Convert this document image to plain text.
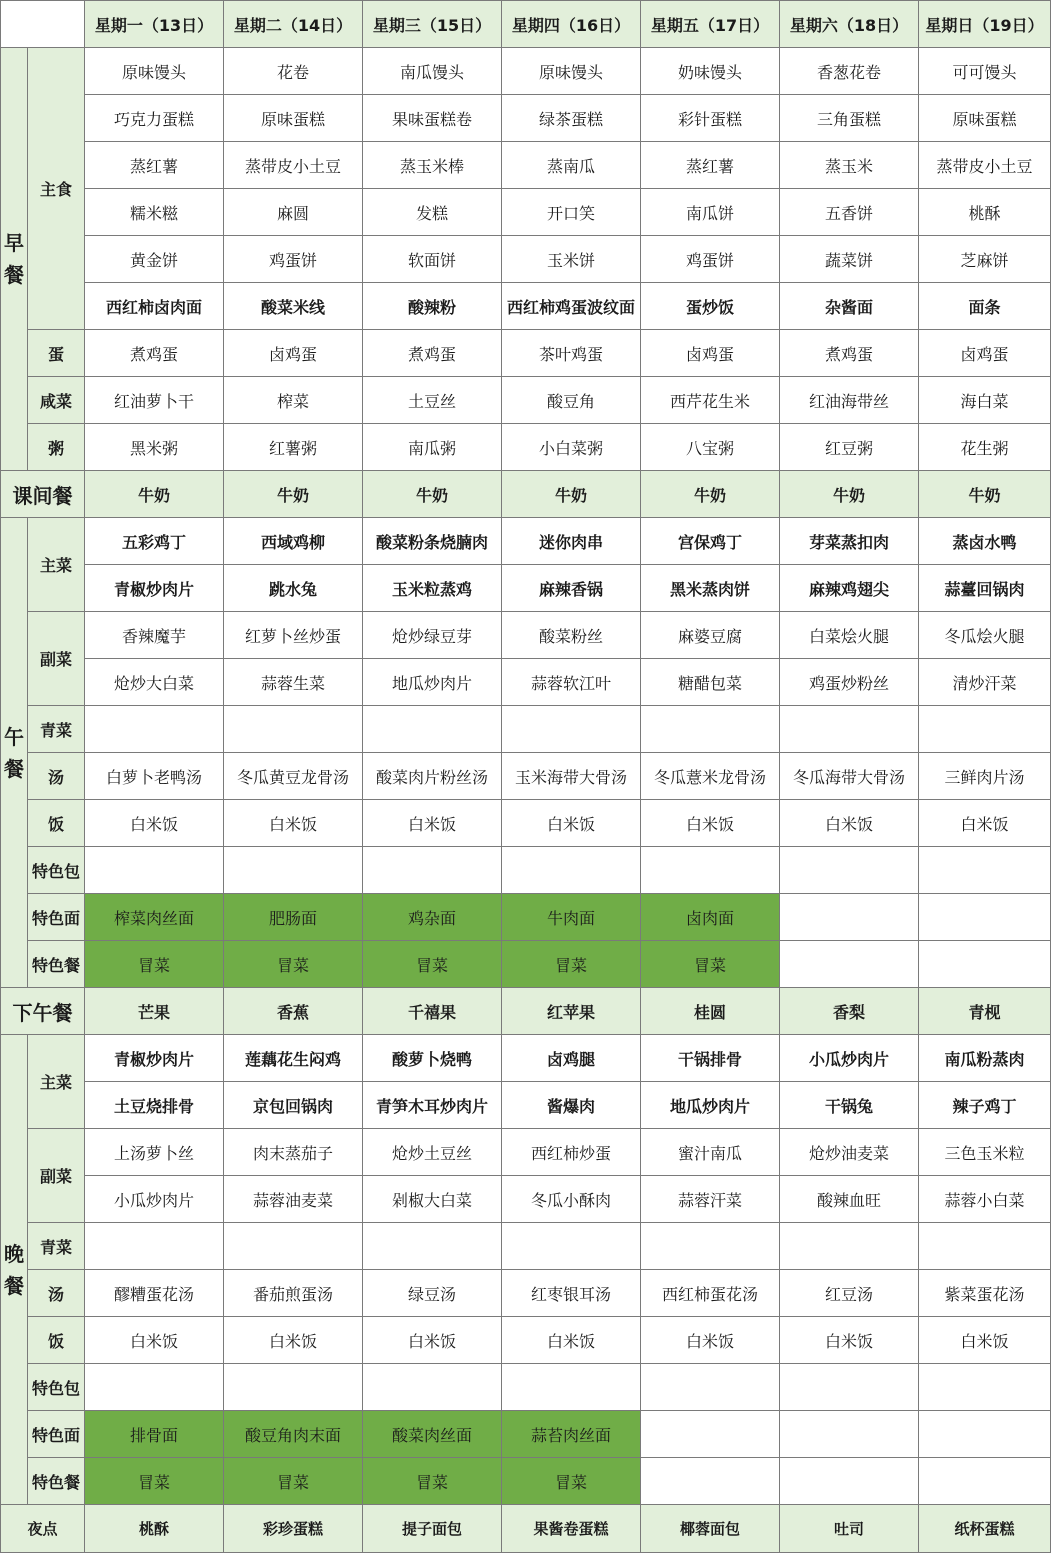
		星期一（13日）	星期二（14日）	星期三（15日）	星期四（16日）	星期五（17日）	星期六（18日）	星期日（19日）
早
餐	主食	原味馒头	花卷	南瓜馒头	原味馒头	奶味馒头	香葱花卷	可可馒头
		巧克力蛋糕	原味蛋糕	果味蛋糕卷	绿茶蛋糕	彩针蛋糕	三角蛋糕	原味蛋糕
		蒸红薯	蒸带皮小土豆	蒸玉米棒	蒸南瓜	蒸红薯	蒸玉米	蒸带皮小土豆
		糯米糍	麻圆	发糕	开口笑	南瓜饼	五香饼	桃酥
		黄金饼	鸡蛋饼	软面饼	玉米饼	鸡蛋饼	蔬菜饼	芝麻饼
		西红柿卤肉面	酸菜米线	酸辣粉	西红柿鸡蛋波纹面	蛋炒饭	杂酱面	面条
	蛋	煮鸡蛋	卤鸡蛋	煮鸡蛋	茶叶鸡蛋	卤鸡蛋	煮鸡蛋	卤鸡蛋
	咸菜	红油萝卜干	榨菜	土豆丝	酸豆角	西芹花生米	红油海带丝	海白菜
	粥	黑米粥	红薯粥	南瓜粥	小白菜粥	八宝粥	红豆粥	花生粥
课间餐		牛奶	牛奶	牛奶	牛奶	牛奶	牛奶	牛奶
午
餐	主菜	五彩鸡丁	西域鸡柳	酸菜粉条烧腩肉	迷你肉串	宫保鸡丁	芽菜蒸扣肉	蒸卤水鸭
		青椒炒肉片	跳水兔	玉米粒蒸鸡	麻辣香锅	黑米蒸肉饼	麻辣鸡翅尖	蒜薹回锅肉
	副菜	香辣魔芋	红萝卜丝炒蛋	炝炒绿豆芽	酸菜粉丝	麻婆豆腐	白菜烩火腿	冬瓜烩火腿
		炝炒大白菜	蒜蓉生菜	地瓜炒肉片	蒜蓉软江叶	糖醋包菜	鸡蛋炒粉丝	清炒汗菜
	青菜							
	汤	白萝卜老鸭汤	冬瓜黄豆龙骨汤	酸菜肉片粉丝汤	玉米海带大骨汤	冬瓜薏米龙骨汤	冬瓜海带大骨汤	三鲜肉片汤
	饭	白米饭	白米饭	白米饭	白米饭	白米饭	白米饭	白米饭
	特色包							
	特色面	榨菜肉丝面	肥肠面	鸡杂面	牛肉面	卤肉面		
	特色餐	冒菜	冒菜	冒菜	冒菜	冒菜		
下午餐		芒果	香蕉	千禧果	红苹果	桂圆	香梨	青枧
晚
餐	主菜	青椒炒肉片	莲藕花生闷鸡	酸萝卜烧鸭	卤鸡腿	干锅排骨	小瓜炒肉片	南瓜粉蒸肉
		土豆烧排骨	京包回锅肉	青笋木耳炒肉片	酱爆肉	地瓜炒肉片	干锅兔	辣子鸡丁
	副菜	上汤萝卜丝	肉末蒸茄子	炝炒土豆丝	西红柿炒蛋	蜜汁南瓜	炝炒油麦菜	三色玉米粒
		小瓜炒肉片	蒜蓉油麦菜	剁椒大白菜	冬瓜小酥肉	蒜蓉汗菜	酸辣血旺	蒜蓉小白菜
	青菜							
	汤	醪糟蛋花汤	番茄煎蛋汤	绿豆汤	红枣银耳汤	西红柿蛋花汤	红豆汤	紫菜蛋花汤
	饭	白米饭	白米饭	白米饭	白米饭	白米饭	白米饭	白米饭
	特色包							
	特色面	排骨面	酸豆角肉末面	酸菜肉丝面	蒜苔肉丝面			
	特色餐	冒菜	冒菜	冒菜	冒菜			
夜点		桃酥	彩珍蛋糕	提子面包	果酱卷蛋糕	椰蓉面包	吐司	纸杯蛋糕
